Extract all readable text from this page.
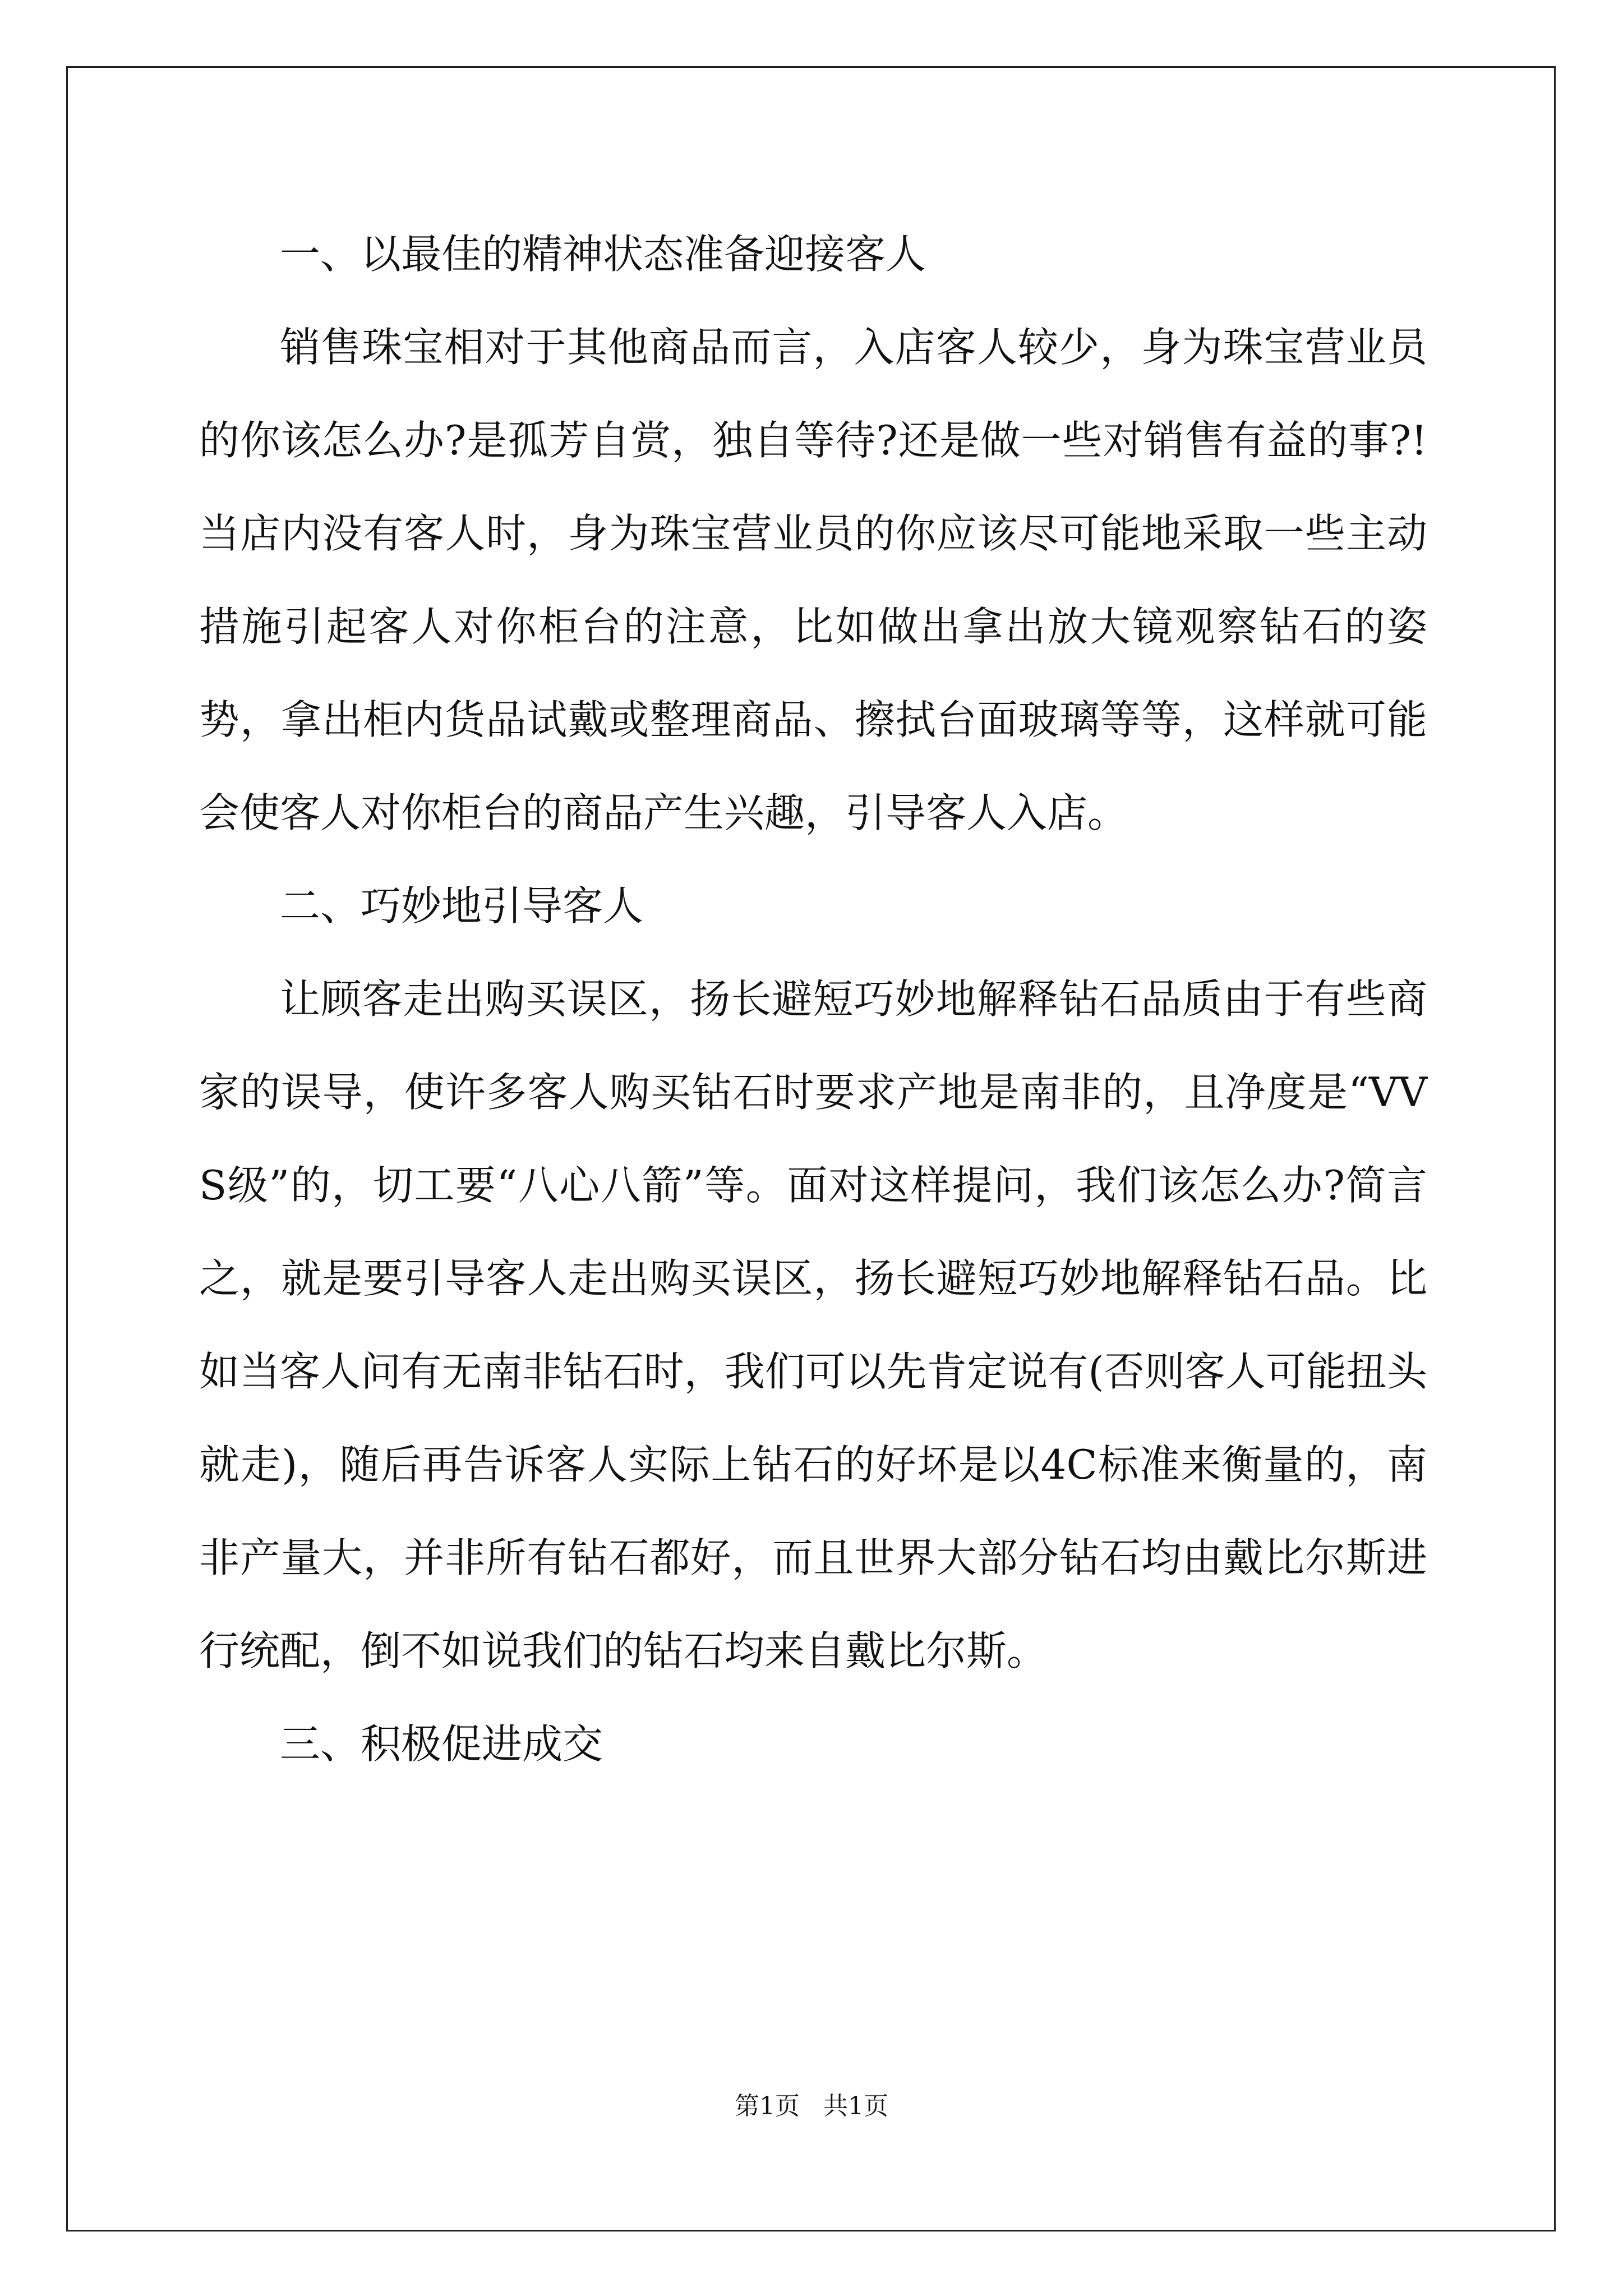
一、以最佳的精神状态准备迎接客人

销售珠宝相对于其他商品而言，入店客人较少，身为珠宝营业员的你该怎么办?是孤芳自赏，独自等待?还是做一些对销售有益的事?!当店内没有客人时，身为珠宝营业员的你应该尽可能地采取一些主动措施引起客人对你柜台的注意，比如做出拿出放大镜观察钻石的姿势，拿出柜内货品试戴或整理商品、擦拭台面玻璃等等，这样就可能会使客人对你柜台的商品产生兴趣，引导客人入店。

二、巧妙地引导客人

让顾客走出购买误区，扬长避短巧妙地解释钻石品质由于有些商家的误导，使许多客人购买钻石时要求产地是南非的，且净度是“VVS级”的，切工要“八心八箭”等。面对这样提问，我们该怎么办?简言之，就是要引导客人走出购买误区，扬长避短巧妙地解释钻石品。比如当客人问有无南非钻石时，我们可以先肯定说有(否则客人可能扭头就走)，随后再告诉客人实际上钻石的好坏是以4C标准来衡量的，南非产量大，并非所有钻石都好，而且世界大部分钻石均由戴比尔斯进行统配，倒不如说我们的钻石均来自戴比尔斯。

三、积极促进成交

第1页   共1页
